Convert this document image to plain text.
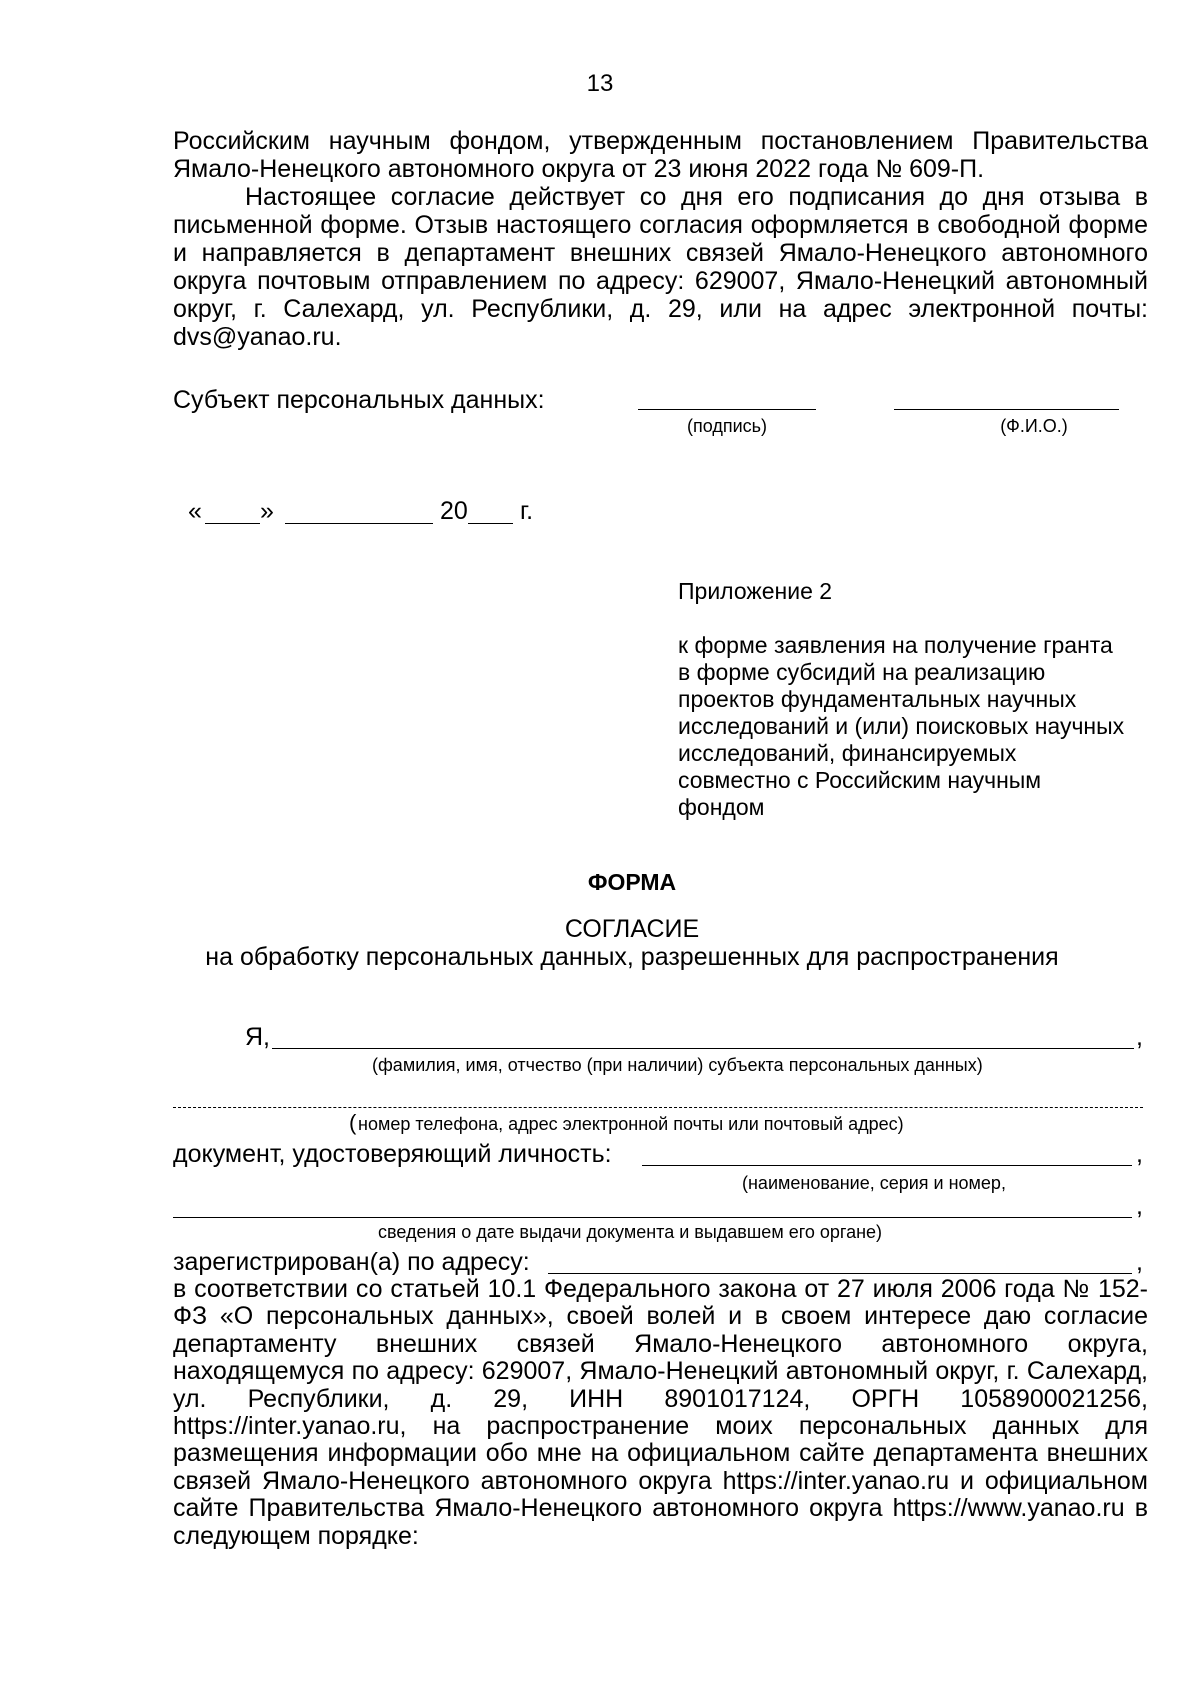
13

Российским научным фондом, утвержденным постановлением Правительства Ямало-Ненецкого автономного округа от 23 июня 2022 года № 609-П.

Настоящее согласие действует со дня его подписания до дня отзыва в письменной форме. Отзыв настоящего согласия оформляется в свободной форме и направляется в департамент внешних связей Ямало-Ненецкого автономного округа почтовым отправлением по адресу: 629007, Ямало-Ненецкий автономный округ, г. Салехард, ул. Республики, д. 29, или на адрес электронной почты: dvs@yanao.ru.

Субъект персональных данных:
(подпись)	(Ф.И.О.)
« »	20 г.

Приложение 2

к форме заявления на получение гранта

в форме субсидий на реализацию

проектов фундаментальных научных

исследований и (или) поисковых научных

исследований, финансируемых

совместно с Российским научным

фондом

ФОРМА
СОГЛАСИЕ
на обработку персональных данных, разрешенных для распространения
Я,	,
(фамилия, имя, отчество (при наличии) субъекта персональных данных)
( номер телефона, адрес электронной почты или почтовый адрес)
документ, удостоверяющий личность:	,
(наименование, серия и номер,
,
сведения о дате выдачи документа и выдавшем его органе)
зарегистрирован(а) по адресу:	,

в соответствии со статьей 10.1 Федерального закона от 27 июля 2006 года № 152-ФЗ «О персональных данных», своей волей и в своем интересе даю согласие департаменту внешних связей Ямало-Ненецкого автономного округа, находящемуся по адресу: 629007, Ямало-Ненецкий автономный округ, г. Салехард, ул. Республики, д. 29, ИНН 8901017124, ОРГН 1058900021256, https://inter.yanao.ru, на распространение моих персональных данных для размещения информации обо мне на официальном сайте департамента внешних связей Ямало-Ненецкого автономного округа https://inter.yanao.ru и официальном сайте Правительства Ямало-Ненецкого автономного округа https://www.yanao.ru в следующем порядке:
